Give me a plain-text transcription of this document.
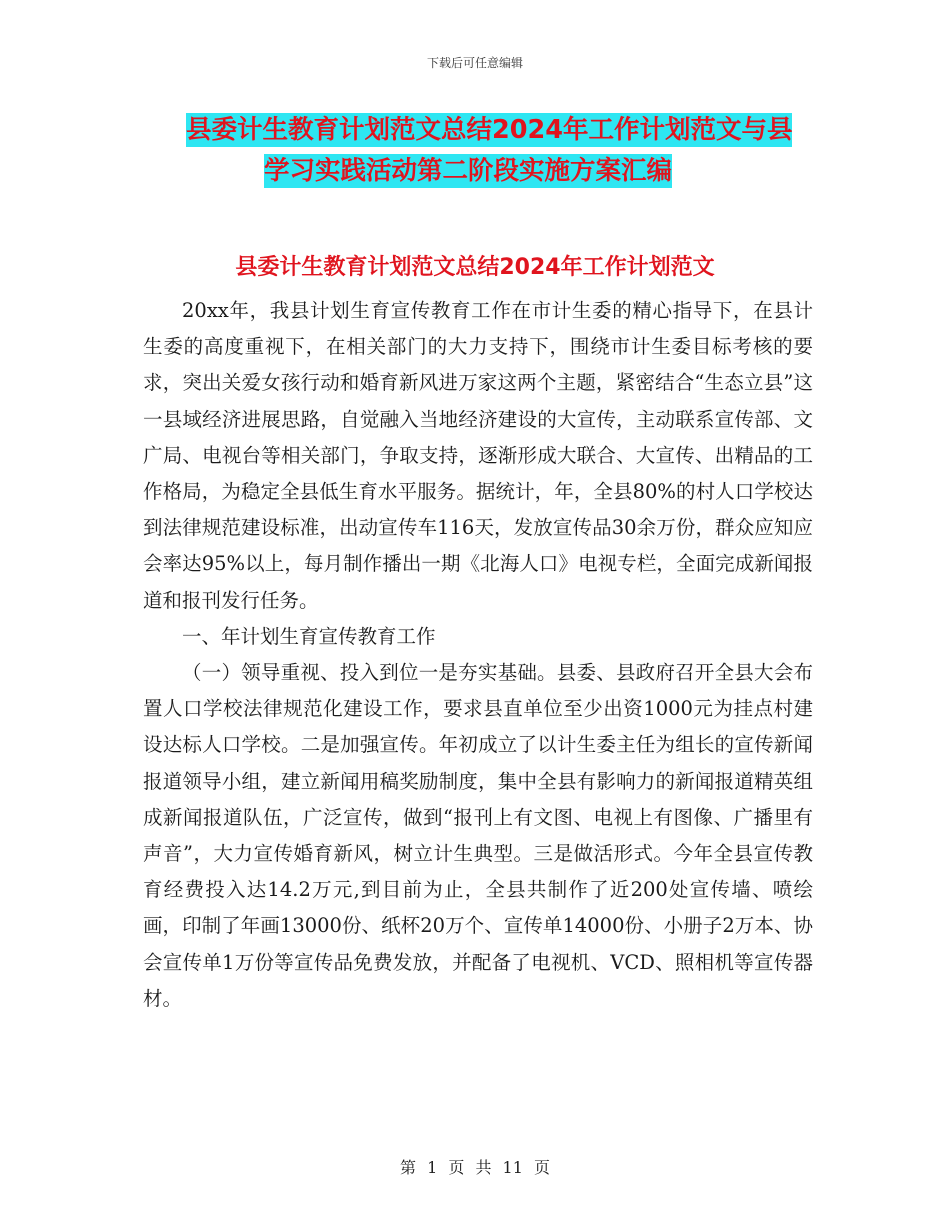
下载后可任意编辑
县委计生教育计划范文总结2024年工作计划范文与县
学习实践活动第二阶段实施方案汇编
县委计生教育计划范文总结2024年工作计划范文

20xx年，我县计划生育宣传教育工作在市计生委的精心指导下，在县计生委的高度重视下，在相关部门的大力支持下，围绕市计生委目标考核的要求，突出关爱女孩行动和婚育新风进万家这两个主题，紧密结合“生态立县”这一县域经济进展思路，自觉融入当地经济建设的大宣传，主动联系宣传部、文广局、电视台等相关部门，争取支持，逐渐形成大联合、大宣传、出精品的工作格局，为稳定全县低生育水平服务。据统计，年，全县80%的村人口学校达到法律规范建设标准，出动宣传车116天，发放宣传品30余万份，群众应知应会率达95%以上，每月制作播出一期《北海人口》电视专栏，全面完成新闻报道和报刊发行任务。

一、年计划生育宣传教育工作

（一）领导重视、投入到位一是夯实基础。县委、县政府召开全县大会布置人口学校法律规范化建设工作，要求县直单位至少出资1000元为挂点村建设达标人口学校。二是加强宣传。年初成立了以计生委主任为组长的宣传新闻报道领导小组，建立新闻用稿奖励制度，集中全县有影响力的新闻报道精英组成新闻报道队伍，广泛宣传，做到“报刊上有文图、电视上有图像、广播里有声音”，大力宣传婚育新风，树立计生典型。三是做活形式。今年全县宣传教育经费投入达14.2万元,到目前为止，全县共制作了近200处宣传墙、喷绘画，印制了年画13000份、纸杯20万个、宣传单14000份、小册子2万本、协会宣传单1万份等宣传品免费发放，并配备了电视机、VCD、照相机等宣传器材。

第 1 页 共 11 页
